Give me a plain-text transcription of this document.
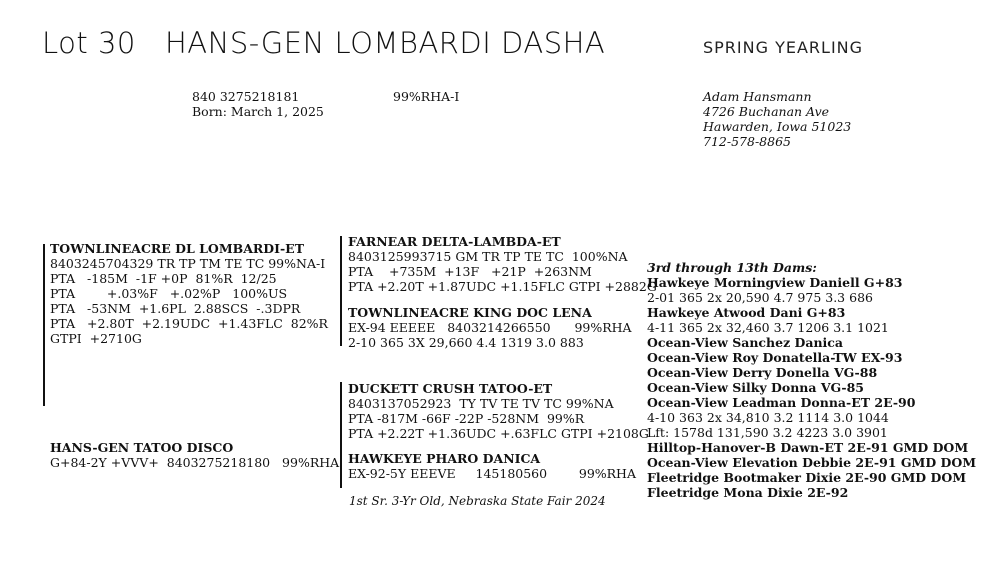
Lot 30 HANS-GEN LOMBARDI DASHA	SPRING YEARLING
840 3275218181
Born: March 1, 2025
99%RHA-I	Adam Hansmann
4726 Buchanan Ave
Hawarden, Iowa 51023
712-578-8865
TOWNLINEACRE DL LOMBARDI-ET
8403245704329 TR TP TM TE TC 99%NA-I
PTA   -185M  -1F +0P  81%R  12/25
PTA        +.03%F   +.02%P   100%US
PTA   -53NM  +1.6PL  2.88SCS  -.3DPR
PTA   +2.80T  +2.19UDC  +1.43FLC  82%R
GTPI  +2710G
HANS-GEN TATOO DISCO
G+84-2Y +VVV+  8403275218180   99%RHA
FARNEAR DELTA-LAMBDA-ET
8403125993715 GM TR TP TE TC  100%NA
PTA    +735M  +13F   +21P  +263NM
PTA +2.20T +1.87UDC +1.15FLC GTPI +2882G
TOWNLINEACRE KING DOC LENA
EX-94 EEEEE   8403214266550      99%RHA
2-10 365 3X 29,660 4.4 1319 3.0 883
DUCKETT CRUSH TATOO-ET
8403137052923  TY TV TE TV TC 99%NA
PTA -817M -66F -22P -528NM  99%R
PTA +2.22T +1.36UDC +.63FLC GTPI +2108G
HAWKEYE PHARO DANICA
EX-92-5Y EEEVE     145180560        99%RHA
1st Sr. 3-Yr Old, Nebraska State Fair 2024
3rd through 13th Dams:
Hawkeye Morningview Daniell G+83
2-01 365 2x 20,590 4.7 975 3.3 686
Hawkeye Atwood Dani G+83
4-11 365 2x 32,460 3.7 1206 3.1 1021
Ocean-View Sanchez Danica
Ocean-View Roy Donatella-TW EX-93
Ocean-View Derry Donella VG-88
Ocean-View Silky Donna VG-85
Ocean-View Leadman Donna-ET 2E-90
4-10 363 2x 34,810 3.2 1114 3.0 1044
Lft: 1578d 131,590 3.2 4223 3.0 3901
Hilltop-Hanover-B Dawn-ET 2E-91 GMD DOM
Ocean-View Elevation Debbie 2E-91 GMD DOM
Fleetridge Bootmaker Dixie 2E-90 GMD DOM
Fleetridge Mona Dixie 2E-92
